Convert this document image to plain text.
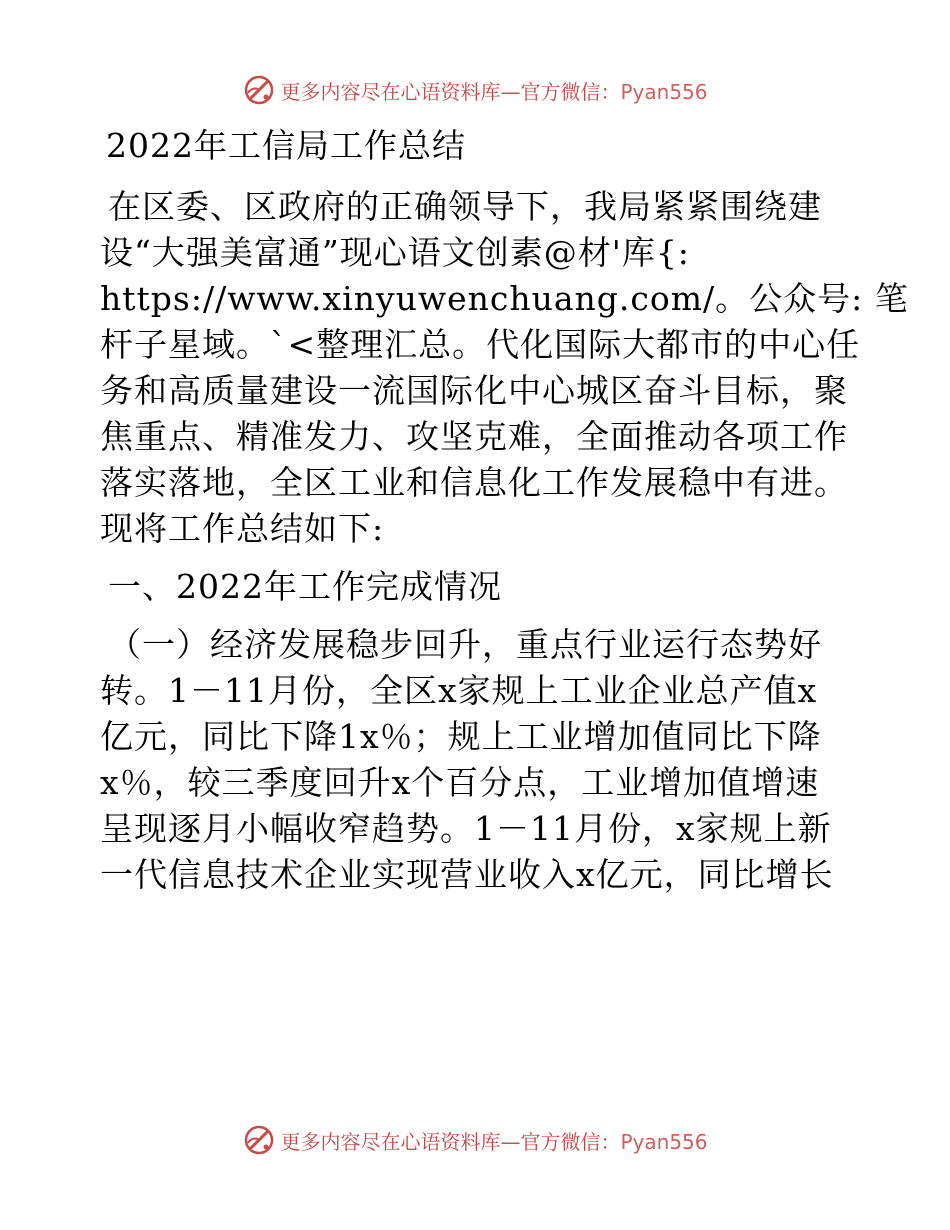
更多内容尽在心语资料库—官方微信：Pyan556
2022年工信局工作总结
在区委、区政府的正确领导下，我局紧紧围绕建
设“大强美富通”现心语文创素@材'库{:
https://www.xinyuwenchuang.com/。公众号: 笔
杆子星域。`<整理汇总。代化国际大都市的中心任
务和高质量建设一流国际化中心城区奋斗目标，聚
焦重点、精准发力、攻坚克难，全面推动各项工作
落实落地，全区工业和信息化工作发展稳中有进。
现将工作总结如下:
一、2022年工作完成情况
（一）经济发展稳步回升，重点行业运行态势好
转。1－11月份，全区x家规上工业企业总产值x
亿元，同比下降1x％；规上工业增加值同比下降
x％，较三季度回升x个百分点，工业增加值增速
呈现逐月小幅收窄趋势。1－11月份，x家规上新
一代信息技术企业实现营业收入x亿元，同比增长
更多内容尽在心语资料库—官方微信：Pyan556
